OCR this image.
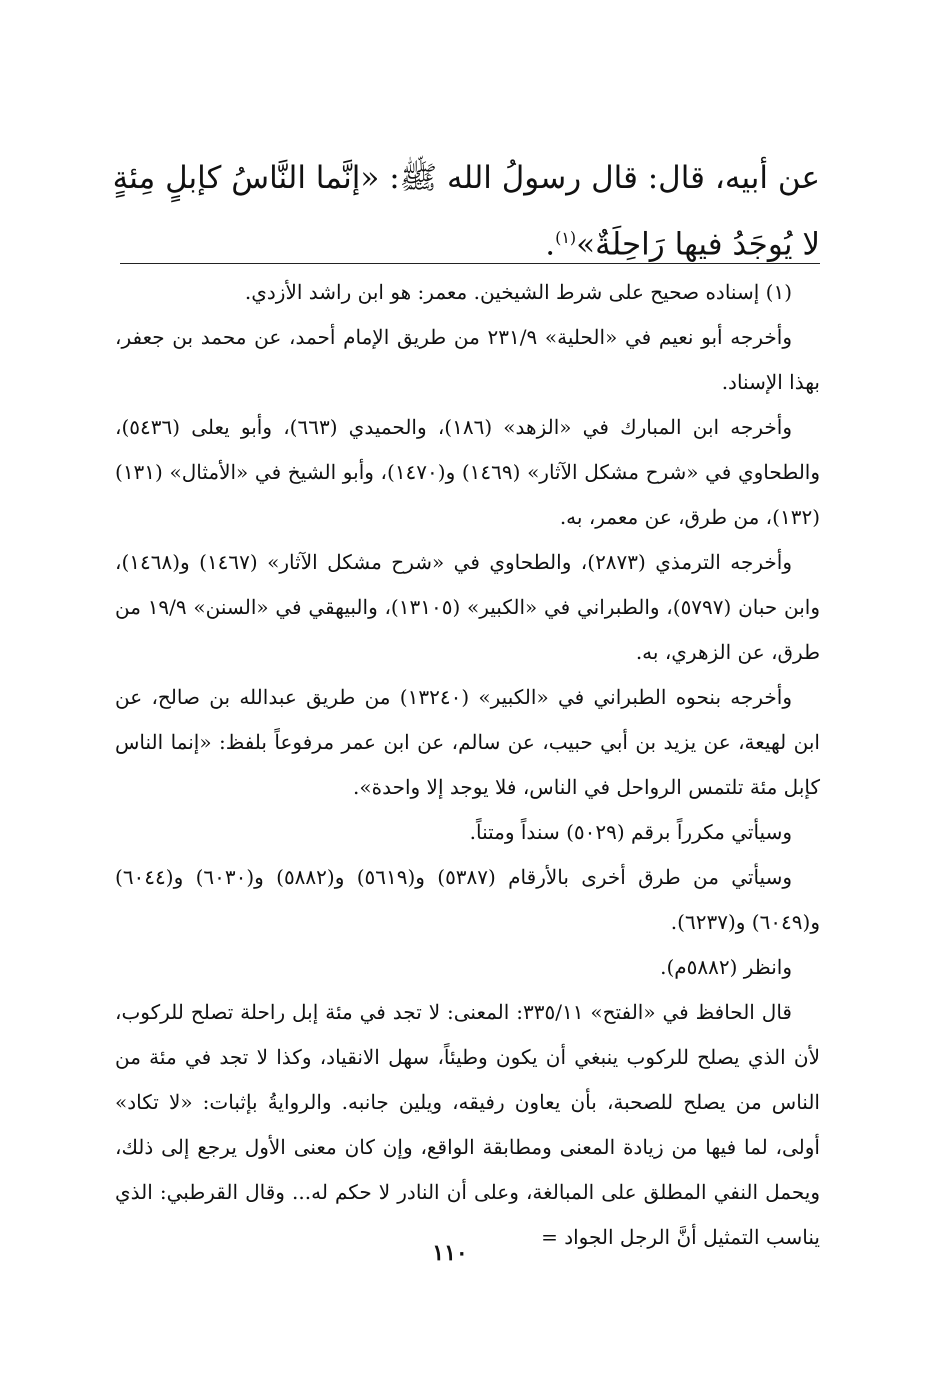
عن أبيه، قال: قال رسولُ الله ﷺ: «إنَّما النَّاسُ كإبلٍ مِئةٍ
لا يُوجَدُ فيها رَاحِلَةٌ»$^{(١)}$.

(١) إسناده صحيح على شرط الشيخين. معمر: هو ابن راشد الأزدي.

وأخرجه أبو نعيم في «الحلية» ٩/‏٢٣١ من طريق الإمام أحمد، عن محمد بن جعفر، بهذا الإسناد.

وأخرجه ابن المبارك في «الزهد» (١٨٦)، والحميدي (٦٦٣)، وأبو يعلى (٥٤٣٦)، والطحاوي في «شرح مشكل الآثار» (١٤٦٩) و(١٤٧٠)، وأبو الشيخ في «الأمثال» (١٣١) (١٣٢)، من طرق، عن معمر، به.

وأخرجه الترمذي (٢٨٧٣)، والطحاوي في «شرح مشكل الآثار» (١٤٦٧) و(١٤٦٨)، وابن حبان (٥٧٩٧)، والطبراني في «الكبير» (١٣١٠٥)، والبيهقي في «السنن» ٩/‏١٩ من طرق، عن الزهري، به.

وأخرجه بنحوه الطبراني في «الكبير» (١٣٢٤٠) من طريق عبدالله بن صالح، عن ابن لهيعة، عن يزيد بن أبي حبيب، عن سالم، عن ابن عمر مرفوعاً بلفظ: «إنما الناس كإبل مئة تلتمس الرواحل في الناس، فلا يوجد إلا واحدة».

وسيأتي مكرراً برقم (٥٠٢٩) سنداً ومتناً.

وسيأتي من طرق أخرى بالأرقام (٥٣٨٧) و(٥٦١٩) و(٥٨٨٢) و(٦٠٣٠) و(٦٠٤٤) و(٦٠٤٩) و(٦٢٣٧).

وانظر (٥٨٨٢م).

قال الحافظ في «الفتح» ١١/‏٣٣٥: المعنى: لا تجد في مئة إبل راحلة تصلح للركوب، لأن الذي يصلح للركوب ينبغي أن يكون وطيئاً، سهل الانقياد، وكذا لا تجد في مئة من الناس من يصلح للصحبة، بأن يعاون رفيقه، ويلين جانبه. والروايةُ بإثبات: «لا تكاد» أولى، لما فيها من زيادة المعنى ومطابقة الواقع، وإن كان معنى الأول يرجع إلى ذلك، ويحمل النفي المطلق على المبالغة، وعلى أن النادر لا حكم له... وقال القرطبي: الذي يناسب التمثيل أنَّ الرجل الجواد =

١١٠
